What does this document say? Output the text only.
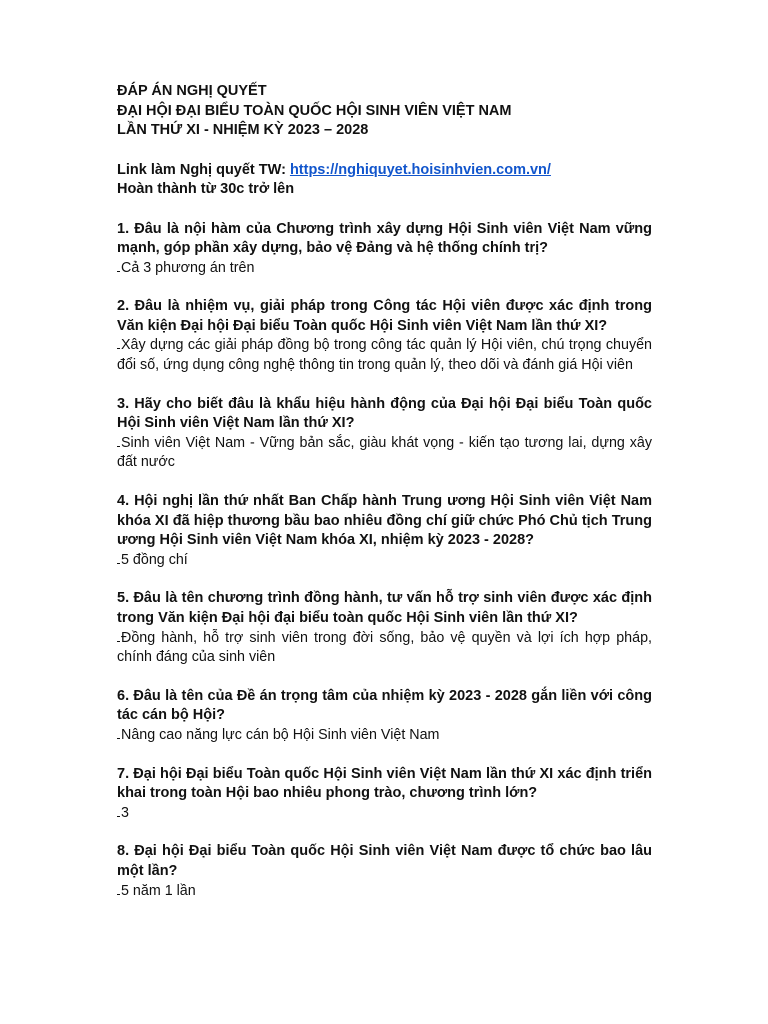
ĐÁP ÁN NGHỊ QUYẾT

ĐẠI HỘI ĐẠI BIỂU TOÀN QUỐC HỘI SINH VIÊN VIỆT NAM

LẦN THỨ XI - NHIỆM KỲ 2023 – 2028

Link làm Nghị quyết TW: https://nghiquyet.hoisinhvien.com.vn/
Hoàn thành từ 30c trở lên

1. Đâu là nội hàm của Chương trình xây dựng Hội Sinh viên Việt Nam vững mạnh, góp phần xây dựng, bảo vệ Đảng và hệ thống chính trị?

Cả 3 phương án trên

2. Đâu là nhiệm vụ, giải pháp trong Công tác Hội viên được xác định trong Văn kiện Đại hội Đại biểu Toàn quốc Hội Sinh viên Việt Nam lần thứ XI?

Xây dựng các giải pháp đồng bộ trong công tác quản lý Hội viên, chú trọng chuyển đổi số, ứng dụng công nghệ thông tin trong quản lý, theo dõi và đánh giá Hội viên

3. Hãy cho biết đâu là khẩu hiệu hành động của Đại hội Đại biểu Toàn quốc Hội Sinh viên Việt Nam lần thứ XI?

Sinh viên Việt Nam - Vững bản sắc, giàu khát vọng - kiến tạo tương lai, dựng xây đất nước

4. Hội nghị lần thứ nhất Ban Chấp hành Trung ương Hội Sinh viên Việt Nam khóa XI đã hiệp thương bầu bao nhiêu đồng chí giữ chức Phó Chủ tịch Trung ương Hội Sinh viên Việt Nam khóa XI, nhiệm kỳ 2023 - 2028?

5 đồng chí

5. Đâu là tên chương trình đồng hành, tư vấn hỗ trợ sinh viên được xác định trong Văn kiện Đại hội đại biểu toàn quốc Hội Sinh viên lần thứ XI?

Đồng hành, hỗ trợ sinh viên trong đời sống, bảo vệ quyền và lợi ích hợp pháp, chính đáng của sinh viên

6. Đâu là tên của Đề án trọng tâm của nhiệm kỳ 2023 - 2028 gắn liền với công tác cán bộ Hội?

Nâng cao năng lực cán bộ Hội Sinh viên Việt Nam

7. Đại hội Đại biểu Toàn quốc Hội Sinh viên Việt Nam lần thứ XI xác định triển khai trong toàn Hội bao nhiêu phong trào, chương trình lớn?

3

8. Đại hội Đại biểu Toàn quốc Hội Sinh viên Việt Nam được tổ chức bao lâu một lần?

5 năm 1 lần
